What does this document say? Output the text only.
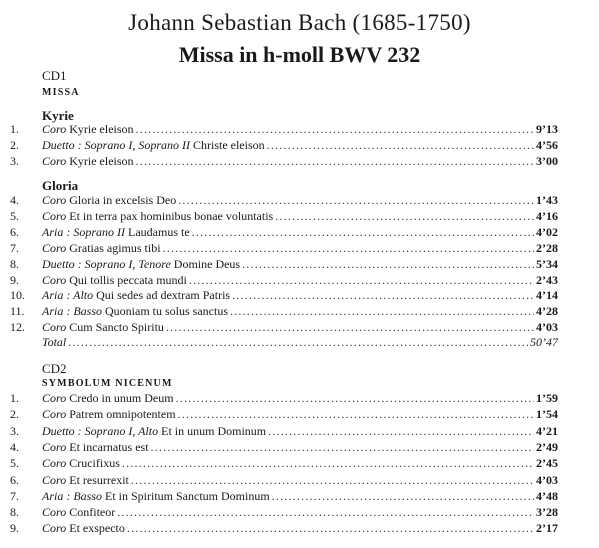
Johann Sebastian Bach (1685-1750)
Missa in h-moll BWV 232
CD1
MISSA
Kyrie
Gloria
1. Coro Kyrie eleison .....	9’13
2. Duetto : Soprano I, Soprano II Christe eleison .....	4’56
3. Coro Kyrie eleison .....	3’00
4. Coro Gloria in excelsis Deo .....	1’43
5. Coro Et in terra pax hominibus bonae voluntatis .....	4’16
6. Aria : Soprano II Laudamus te .....	4’02
7. Coro Gratias agimus tibi .....	2’28
8. Duetto : Soprano I, Tenore Domine Deus .....	5’34
9. Coro Qui tollis peccata mundi .....	2’43
10. Aria : Alto Qui sedes ad dextram Patris .....	4’14
11. Aria : Basso Quoniam tu solus sanctus .....	4’28
12. Coro Cum Sancto Spiritu .....	4’03
1. Coro Credo in unum Deum .....	1’59
2. Coro Patrem omnipotentem .....	1’54
3. Duetto : Soprano I, Alto Et in unum Dominum .....	4’21
4. Coro Et incarnatus est .....	2’49
5. Coro Crucifixus .....	2’45
6. Coro Et resurrexit .....	4’03
7. Aria : Basso Et in Spiritum Sanctum Dominum .....	4’48
8. Coro Confiteor .....	3’28
9. Coro Et exspecto .....	2’17
Total .....	50’47
CD2
SYMBOLUM NICENUM
